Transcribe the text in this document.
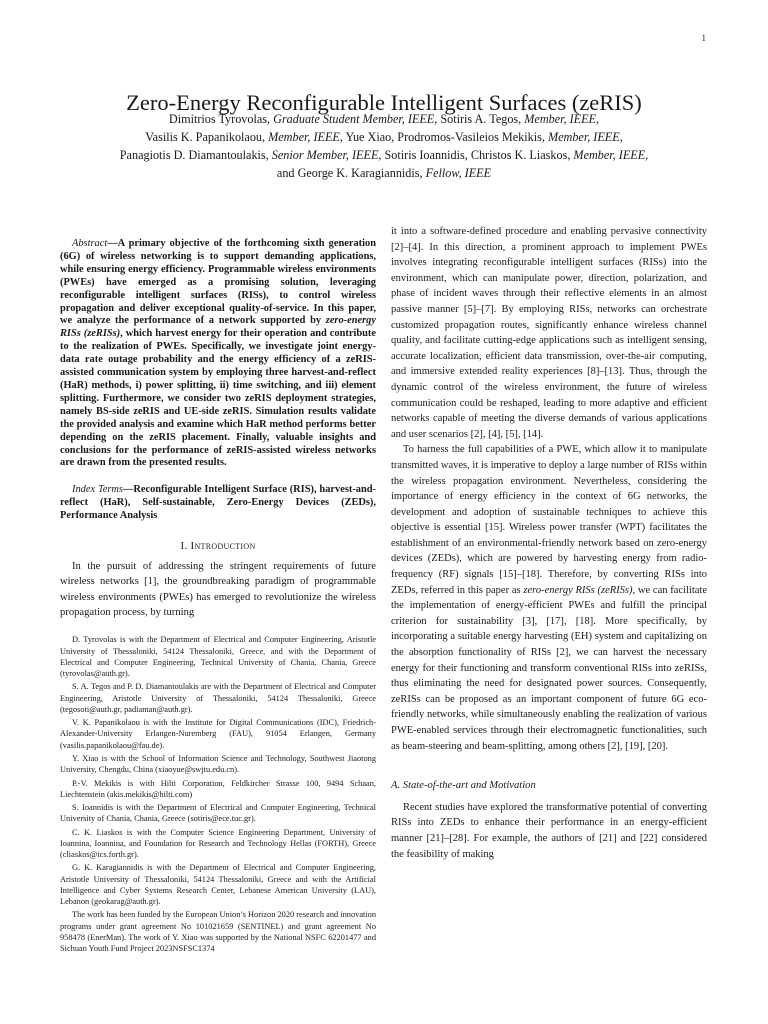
1
Zero-Energy Reconfigurable Intelligent Surfaces (zeRIS)
Dimitrios Tyrovolas, Graduate Student Member, IEEE, Sotiris A. Tegos, Member, IEEE,
Vasilis K. Papanikolaou, Member, IEEE, Yue Xiao, Prodromos-Vasileios Mekikis, Member, IEEE,
Panagiotis D. Diamantoulakis, Senior Member, IEEE, Sotiris Ioannidis, Christos K. Liaskos, Member, IEEE,
and George K. Karagiannidis, Fellow, IEEE

Abstract—A primary objective of the forthcoming sixth generation (6G) of wireless networking is to support demanding applications, while ensuring energy efficiency. Programmable wireless environments (PWEs) have emerged as a promising solution, leveraging reconfigurable intelligent surfaces (RISs), to control wireless propagation and deliver exceptional quality-of-service. In this paper, we analyze the performance of a network supported by zero-energy RISs (zeRISs), which harvest energy for their operation and contribute to the realization of PWEs. Specifically, we investigate joint energy-data rate outage probability and the energy efficiency of a zeRIS-assisted communication system by employing three harvest-and-reflect (HaR) methods, i) power splitting, ii) time switching, and iii) element splitting. Furthermore, we consider two zeRIS deployment strategies, namely BS-side zeRIS and UE-side zeRIS. Simulation results validate the provided analysis and examine which HaR method performs better depending on the zeRIS placement. Finally, valuable insights and conclusions for the performance of zeRIS-assisted wireless networks are drawn from the presented results.

Index Terms—Reconfigurable Intelligent Surface (RIS), harvest-and-reflect (HaR), Self-sustainable, Zero-Energy Devices (ZEDs), Performance Analysis

I. Introduction

In the pursuit of addressing the stringent requirements of future wireless networks [1], the groundbreaking paradigm of programmable wireless environments (PWEs) has emerged to revolutionize the wireless propagation process, by turning

D. Tyrovolas is with the Department of Electrical and Computer Engineering, Aristotle University of Thessaloniki, 54124 Thessaloniki, Greece, and with the Department of Electrical and Computer Engineering, Technical University of Chania, Chania, Greece (tyrovolas@auth.gr).

S. A. Tegos and P. D. Diamantoulakis are with the Department of Electrical and Computer Engineering, Aristotle University of Thessaloniki, 54124 Thessaloniki, Greece (tegosoti@auth.gr, padiaman@auth.gr).

V. K. Papanikolaou is with the Institute for Digital Communications (IDC), Friedrich-Alexander-University Erlangen-Nuremberg (FAU), 91054 Erlangen, Germany (vasilis.papanikolaou@fau.de).

Y. Xiao is with the School of Information Science and Technology, Southwest Jiaotong University, Chengdu, China (xiaoyue@swjtu.edu.cn).

P.-V. Mekikis is with Hilti Corporation, Feldkircher Strasse 100, 9494 Schaan, Liechtenstein (akis.mekikis@hilti.com)

S. Ioannidis is with the Department of Electrical and Computer Engineering, Technical University of Chania, Chania, Greece (sotiris@ece.tuc.gr).

C. K. Liaskos is with the Computer Science Engineering Department, University of Ioannina, Ioannina, and Foundation for Research and Technology Hellas (FORTH), Greece (cliaskos@ics.forth.gr).

G. K. Karagiannidis is with the Department of Electrical and Computer Engineering, Aristotle University of Thessaloniki, 54124 Thessaloniki, Greece and with the Artificial Intelligence and Cyber Systems Research Center, Lebanese American University (LAU), Lebanon (geokarag@auth.gr).

The work has been funded by the European Union’s Horizon 2020 research and innovation programs under grant agreement No 101021659 (SENTINEL) and grant agreement No 958478 (EnerMan). The work of Y. Xiao was supported by the National NSFC 62201477 and Sichuan Youth Fund Project 2023NSFSC1374

it into a software-defined procedure and enabling pervasive connectivity [2]–[4]. In this direction, a prominent approach to implement PWEs involves integrating reconfigurable intelligent surfaces (RISs) into the environment, which can manipulate power, direction, polarization, and phase of incident waves through their reflective elements in an almost passive manner [5]–[7]. By employing RISs, networks can orchestrate customized propagation routes, significantly enhance wireless channel quality, and facilitate cutting-edge applications such as intelligent sensing, accurate localization, efficient data transmission, over-the-air computing, and immersive extended reality experiences [8]–[13]. Thus, through the dynamic control of the wireless environment, the future of wireless communication could be reshaped, leading to more adaptive and efficient networks capable of meeting the diverse demands of various applications and user scenarios [2], [4], [5], [14].

To harness the full capabilities of a PWE, which allow it to manipulate transmitted waves, it is imperative to deploy a large number of RISs within the wireless propagation environment. Nevertheless, considering the importance of energy efficiency in the context of 6G networks, the development and adoption of sustainable techniques to achieve this objective is essential [15]. Wireless power transfer (WPT) facilitates the establishment of an environmental-friendly network based on zero-energy devices (ZEDs), which are powered by harvesting energy from radio-frequency (RF) signals [15]–[18]. Therefore, by converting RISs into ZEDs, referred in this paper as zero-energy RISs (zeRISs), we can facilitate the implementation of energy-efficient PWEs and fulfill the principal criterion for sustainability [3], [17], [18]. More specifically, by incorporating a suitable energy harvesting (EH) system and capitalizing on the absorption functionality of RISs [2], we can harvest the necessary energy for their functioning and transform conventional RISs into zeRISs, thus eliminating the need for designated power sources. Consequently, zeRISs can be proposed as an important component of future 6G eco-friendly networks, while simultaneously enabling the realization of various PWE-enabled services through their electromagnetic functionalities, such as beam-steering and beam-splitting, among others [2], [19], [20].

A. State-of-the-art and Motivation

Recent studies have explored the transformative potential of converting RISs into ZEDs to enhance their performance in an energy-efficient manner [21]–[28]. For example, the authors of [21] and [22] considered the feasibility of making
